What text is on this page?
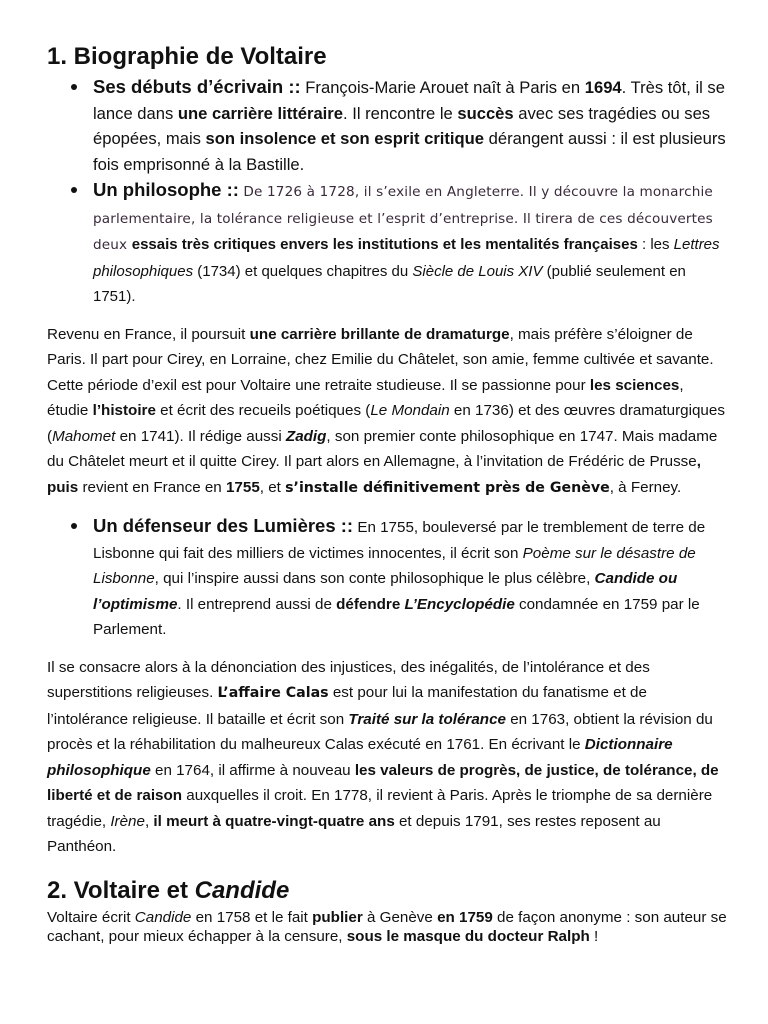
1. Biographie de Voltaire
Ses débuts d’écrivain :: François-Marie Arouet naît à Paris en 1694. Très tôt, il se lance dans une carrière littéraire. Il rencontre le succès avec ses tragédies ou ses épopées, mais son insolence et son esprit critique dérangent aussi : il est plusieurs fois emprisonné à la Bastille.
Un philosophe :: De 1726 à 1728, il s’exile en Angleterre. Il y découvre la monarchie parlementaire, la tolérance religieuse et l’esprit d’entreprise. Il tirera de ces découvertes deux essais très critiques envers les institutions et les mentalités françaises : les Lettres philosophiques (1734) et quelques chapitres du Siècle de Louis XIV (publié seulement en 1751).

Revenu en France, il poursuit une carrière brillante de dramaturge, mais préfère s’éloigner de Paris. Il part pour Cirey, en Lorraine, chez Emilie du Châtelet, son amie, femme cultivée et savante. Cette période d’exil est pour Voltaire une retraite studieuse. Il se passionne pour les sciences, étudie l’histoire et écrit des recueils poétiques (Le Mondain en 1736) et des œuvres dramaturgiques (Mahomet en 1741). Il rédige aussi Zadig, son premier conte philosophique en 1747. Mais madame du Châtelet meurt et il quitte Cirey. Il part alors en Allemagne, à l’invitation de Frédéric de Prusse, puis revient en France en 1755, et s’installe définitivement près de Genève, à Ferney.

Un défenseur des Lumières :: En 1755, bouleversé par le tremblement de terre de Lisbonne qui fait des milliers de victimes innocentes, il écrit son Poème sur le désastre de Lisbonne, qui l’inspire aussi dans son conte philosophique le plus célèbre, Candide ou l’optimisme. Il entreprend aussi de défendre L’Encyclopédie condamnée en 1759 par le Parlement.

Il se consacre alors à la dénonciation des injustices, des inégalités, de l’intolérance et des superstitions religieuses. L’affaire Calas est pour lui la manifestation du fanatisme et de l’intolérance religieuse. Il bataille et écrit son Traité sur la tolérance en 1763, obtient la révision du procès et la réhabilitation du malheureux Calas exécuté en 1761. En écrivant le Dictionnaire philosophique en 1764, il affirme à nouveau les valeurs de progrès, de justice, de tolérance, de liberté et de raison auxquelles il croit. En 1778, il revient à Paris. Après le triomphe de sa dernière tragédie, Irène, il meurt à quatre-vingt-quatre ans et depuis 1791, ses restes reposent au Panthéon.

2. Voltaire et Candide

Voltaire écrit Candide en 1758 et le fait publier à Genève en 1759 de façon anonyme : son auteur se cachant, pour mieux échapper à la censure, sous le masque du docteur Ralph !
